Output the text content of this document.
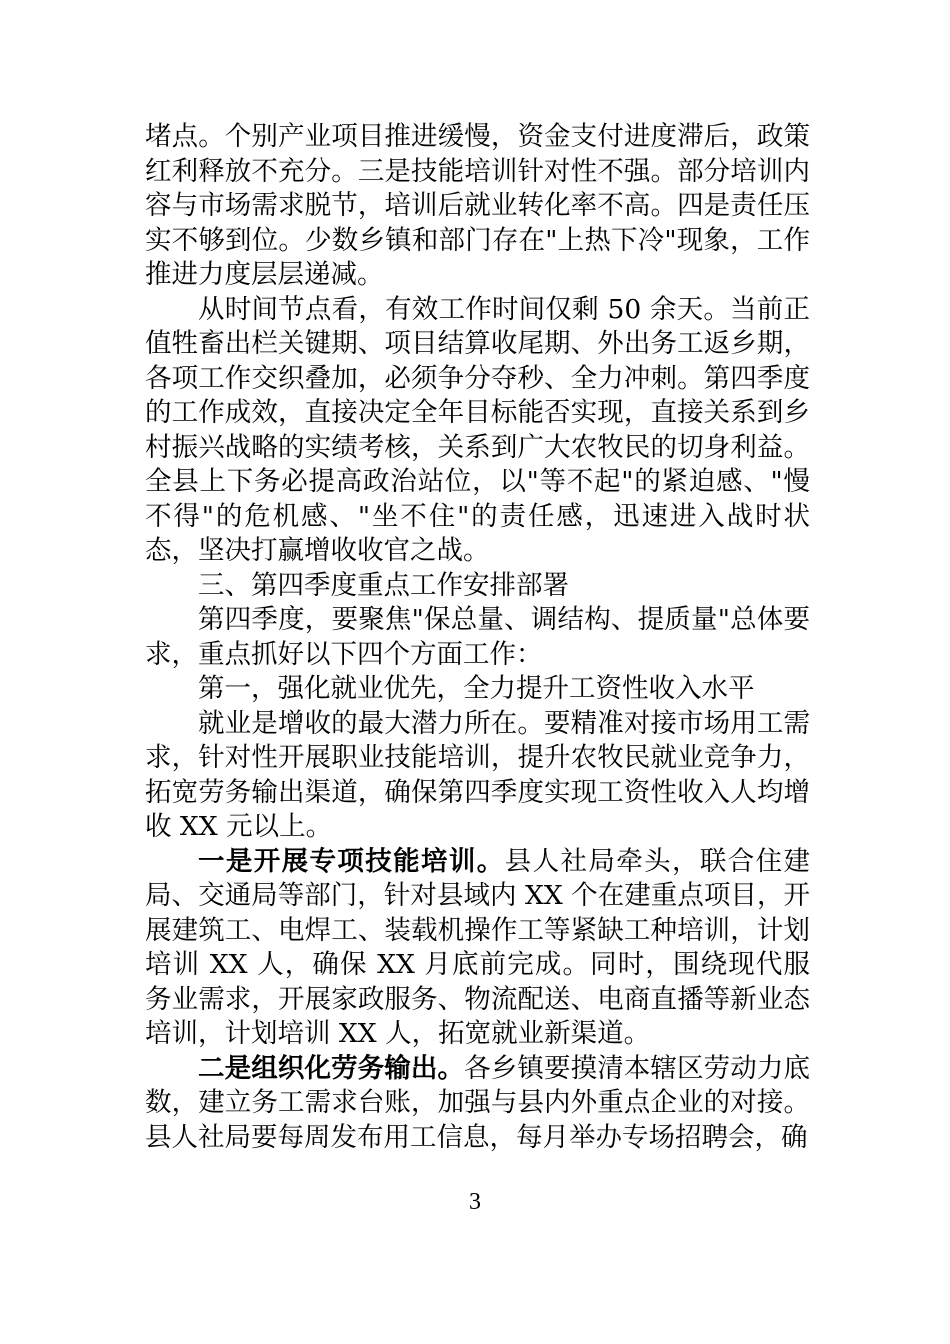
堵点。个别产业项目推进缓慢，资金支付进度滞后，政策红利释放不充分。三是技能培训针对性不强。部分培训内容与市场需求脱节，培训后就业转化率不高。四是责任压实不够到位。少数乡镇和部门存在"上热下冷"现象，工作推进力度层层递减。

从时间节点看，有效工作时间仅剩 50 余天。当前正值牲畜出栏关键期、项目结算收尾期、外出务工返乡期，各项工作交织叠加，必须争分夺秒、全力冲刺。第四季度的工作成效，直接决定全年目标能否实现，直接关系到乡村振兴战略的实绩考核，关系到广大农牧民的切身利益。全县上下务必提高政治站位，以"等不起"的紧迫感、"慢不得"的危机感、"坐不住"的责任感，迅速进入战时状态，坚决打赢增收收官之战。

三、第四季度重点工作安排部署

第四季度，要聚焦"保总量、调结构、提质量"总体要求，重点抓好以下四个方面工作：

第一，强化就业优先，全力提升工资性收入水平

就业是增收的最大潜力所在。要精准对接市场用工需求，针对性开展职业技能培训，提升农牧民就业竞争力，拓宽劳务输出渠道，确保第四季度实现工资性收入人均增收 XX 元以上。

一是开展专项技能培训。县人社局牵头，联合住建局、交通局等部门，针对县域内 XX 个在建重点项目，开展建筑工、电焊工、装载机操作工等紧缺工种培训，计划培训 XX 人，确保 XX 月底前完成。同时，围绕现代服务业需求，开展家政服务、物流配送、电商直播等新业态培训，计划培训 XX 人，拓宽就业新渠道。

二是组织化劳务输出。各乡镇要摸清本辖区劳动力底数，建立务工需求台账，加强与县内外重点企业的对接。县人社局要每周发布用工信息，每月举办专场招聘会，确

3
